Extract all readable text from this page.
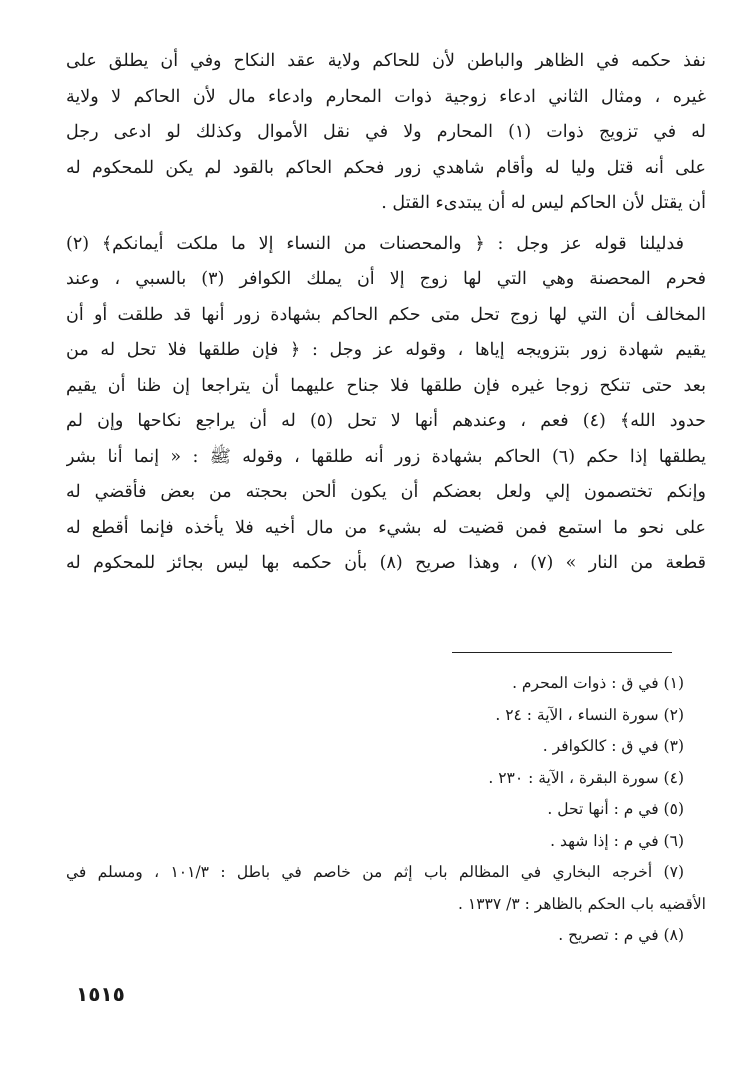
نفذ حكمه في الظاهر والباطن لأن للحاكم ولاية عقد النكاح وفي أن يطلق على
غيره ، ومثال الثاني ادعاء زوجية ذوات المحارم وادعاء مال لأن الحاكم لا ولاية
له في تزويج ذوات (١) المحارم ولا في نقل الأموال وكذلك لو ادعى رجل
على أنه قتل وليا له وأقام شاهدي زور فحكم الحاكم بالقود لم يكن للمحكوم له
أن يقتل لأن الحاكم ليس له أن يبتدىء القتل .
فدليلنا قوله عز وجل : ﴿ والمحصنات من النساء إلا ما ملكت أيمانكم﴾ (٢)
فحرم المحصنة وهي التي لها زوج إلا أن يملك الكوافر (٣) بالسبي ، وعند
المخالف أن التي لها زوج تحل متى حكم الحاكم بشهادة زور أنها قد طلقت أو أن
يقيم شهادة زور بتزويجه إياها ، وقوله عز وجل : ﴿ فإن طلقها فلا تحل له من
بعد حتى تنكح زوجا غيره فإن طلقها فلا جناح عليهما أن يتراجعا إن ظنا أن يقيم
حدود الله﴾ (٤) فعم ، وعندهم أنها لا تحل (٥) له أن يراجع نكاحها وإن لم
يطلقها إذا حكم (٦) الحاكم بشهادة زور أنه طلقها ، وقوله ﷺ : « إنما أنا بشر
وإنكم تختصمون إلي ولعل بعضكم أن يكون ألحن بحجته من بعض فأقضي له
على نحو ما استمع فمن قضيت له بشيء من مال أخيه فلا يأخذه فإنما أقطع له
قطعة من النار » (٧) ، وهذا صريح (٨) بأن حكمه بها ليس بجائز للمحكوم له
(١) في ق : ذوات المحرم .
(٢) سورة النساء ، الآية : ٢٤ .
(٣) في ق : كالكوافر .
(٤) سورة البقرة ، الآية : ٢٣٠ .
(٥) في م : أنها تحل .
(٦) في م : إذا شهد .
(٧) أخرجه البخاري في المظالم باب إثم من خاصم في باطل : ١٠١/٣ ، ومسلم في
الأقضيه باب الحكم بالظاهر : ٣/ ١٣٣٧ .
(٨) في م : تصريح .
١٥١٥
